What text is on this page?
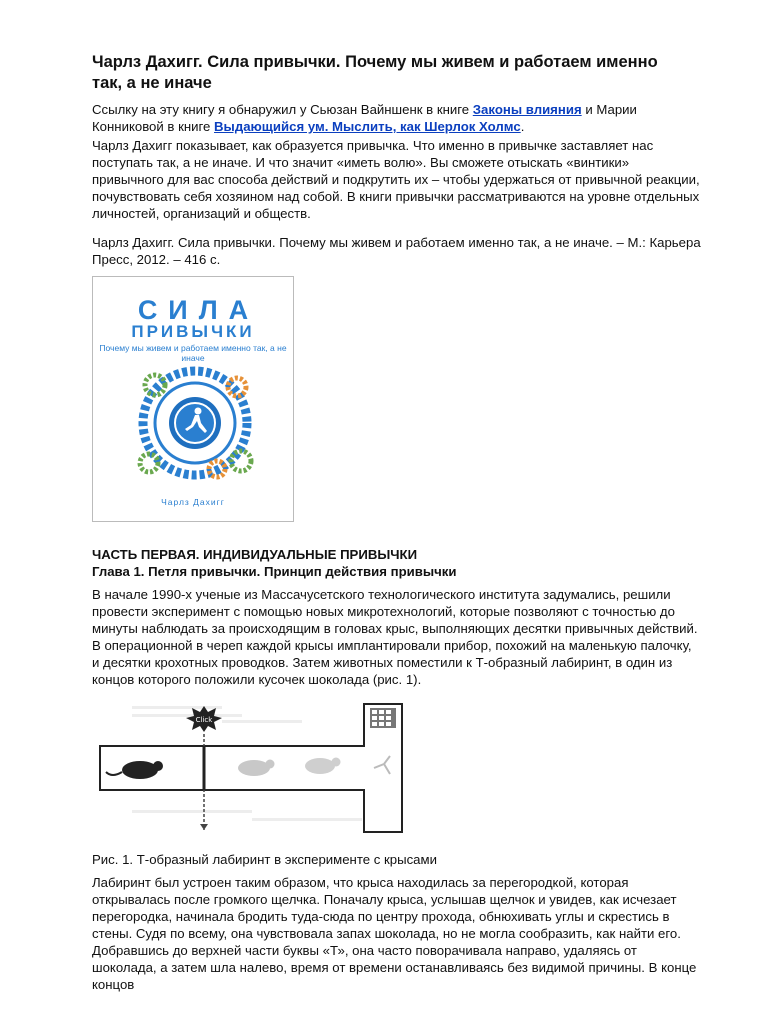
Чарлз Дахигг. Сила привычки. Почему мы живем и работаем именно так, а не иначе

Ссылку на эту книгу я обнаружил у Сьюзан Вайншенк в книге Законы влияния и Марии Конниковой в книге Выдающийся ум. Мыслить, как Шерлок Холмс.

Чарлз Дахигг показывает, как образуется привычка. Что именно в привычке заставляет нас поступать так, а не иначе. И что значит «иметь волю». Вы сможете отыскать «винтики» привычного для вас способа действий и подкрутить их – чтобы удержаться от привычной реакции, почувствовать себя хозяином над собой. В книги привычки рассматриваются на уровне отдельных личностей, организаций и обществ.

Чарлз Дахигг. Сила привычки. Почему мы живем и работаем именно так, а не иначе. – М.: Карьера Пресс, 2012. – 416 с.

СИЛА
ПРИВЫЧКИ
Почему мы живем и работаем именно так, а не иначе
Чарлз Дахигг

ЧАСТЬ ПЕРВАЯ. ИНДИВИДУАЛЬНЫЕ ПРИВЫЧКИ

Глава 1. Петля привычки. Принцип действия привычки

В начале 1990-х ученые из Массачусетского технологического института задумались, решили провести эксперимент с помощью новых микротехнологий, которые позволяют с точностью до минуты наблюдать за происходящим в головах крыс, выполняющих десятки привычных действий. В операционной в череп каждой крысы имплантировали прибор, похожий на маленькую палочку, и десятки крохотных проводков. Затем животных поместили к Т-образный лабиринт, в один из концов которого положили кусочек шоколада (рис. 1).

Click

Рис. 1. Т-образный лабиринт в эксперименте с крысами

Лабиринт был устроен таким образом, что крыса находилась за перегородкой, которая открывалась после громкого щелчка. Поначалу крыса, услышав щелчок и увидев, как исчезает перегородка, начинала бродить туда-сюда по центру прохода, обнюхивать углы и скрестись в стены. Судя по всему, она чувствовала запах шоколада, но не могла сообразить, как найти его. Добравшись до верхней части буквы «Т», она часто поворачивала направо, удаляясь от шоколада, а затем шла налево, время от времени останавливаясь без видимой причины. В конце концов
